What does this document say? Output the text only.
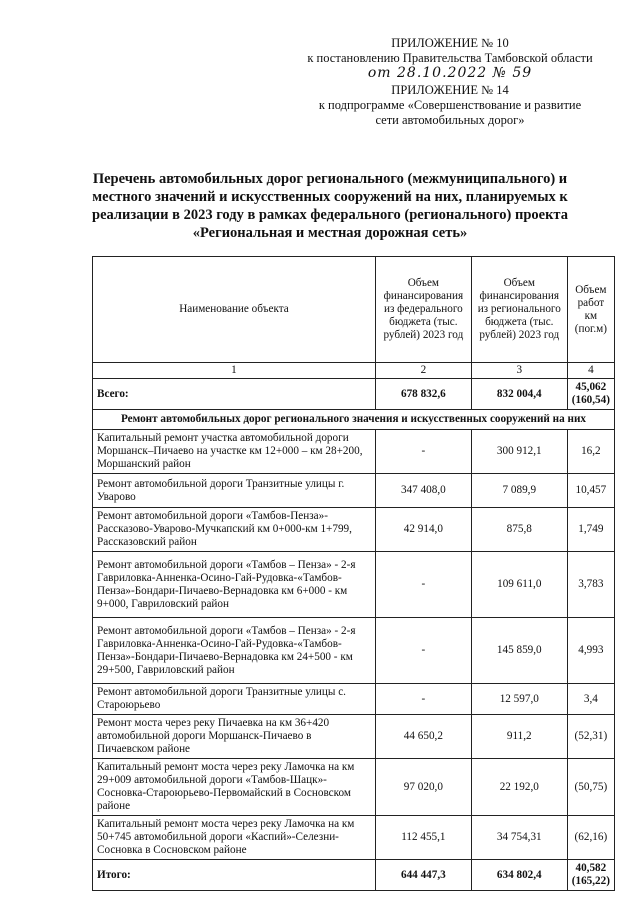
ПРИЛОЖЕНИЕ № 10
к постановлению Правительства Тамбовской области
от 28.10.2022 № 59
ПРИЛОЖЕНИЕ № 14
к подпрограмме «Совершенствование и развитие
сети автомобильных дорог»
Перечень автомобильных дорог регионального (межмуниципального) и
местного значений и искусственных сооружений на них, планируемых к
реализации в 2023 году в рамках федерального (регионального) проекта
«Региональная и местная дорожная сеть»
Наименование объекта	Объем финансирования из федерального бюджета (тыс. рублей) 2023 год	Объем финансирования из регионального бюджета (тыс. рублей) 2023 год	Объем работ км (пог.м)
1	2	3	4
Всего:	678 832,6	832 004,4	45,062 (160,54)
Ремонт автомобильных дорог регионального значения и искусственных сооружений на них			
Капитальный ремонт участка автомобильной дороги Моршанск–Пичаево на участке км 12+000 – км 28+200, Моршанский район	-	300 912,1	16,2
Ремонт автомобильной дороги Транзитные улицы г. Уварово	347 408,0	7 089,9	10,457
Ремонт автомобильной дороги «Тамбов-Пенза»-Рассказово-Уварово-Мучкапский км 0+000-км 1+799, Рассказовский район	42 914,0	875,8	1,749
Ремонт автомобильной дороги «Тамбов – Пенза» - 2-я Гавриловка-Анненка-Осино-Гай-Рудовка-«Тамбов-Пенза»-Бондари-Пичаево-Вернадовка км 6+000 - км 9+000, Гавриловский район	-	109 611,0	3,783
Ремонт автомобильной дороги «Тамбов – Пенза» - 2-я Гавриловка-Анненка-Осино-Гай-Рудовка-«Тамбов-Пенза»-Бондари-Пичаево-Вернадовка км 24+500 - км 29+500, Гавриловский район	-	145 859,0	4,993
Ремонт автомобильной дороги Транзитные улицы с. Староюрьево	-	12 597,0	3,4
Ремонт моста через реку Пичаевка на км 36+420 автомобильной дороги Моршанск-Пичаево в Пичаевском районе	44 650,2	911,2	(52,31)
Капитальный ремонт моста через реку Ламочка на км 29+009 автомобильной дороги «Тамбов-Шацк»-Сосновка-Староюрьево-Первомайский в Сосновском районе	97 020,0	22 192,0	(50,75)
Капитальный ремонт моста через реку Ламочка на км 50+745 автомобильной дороги «Каспий»-Селезни-Сосновка в Сосновском районе	112 455,1	34 754,31	(62,16)
Итого:	644 447,3	634 802,4	40,582 (165,22)
